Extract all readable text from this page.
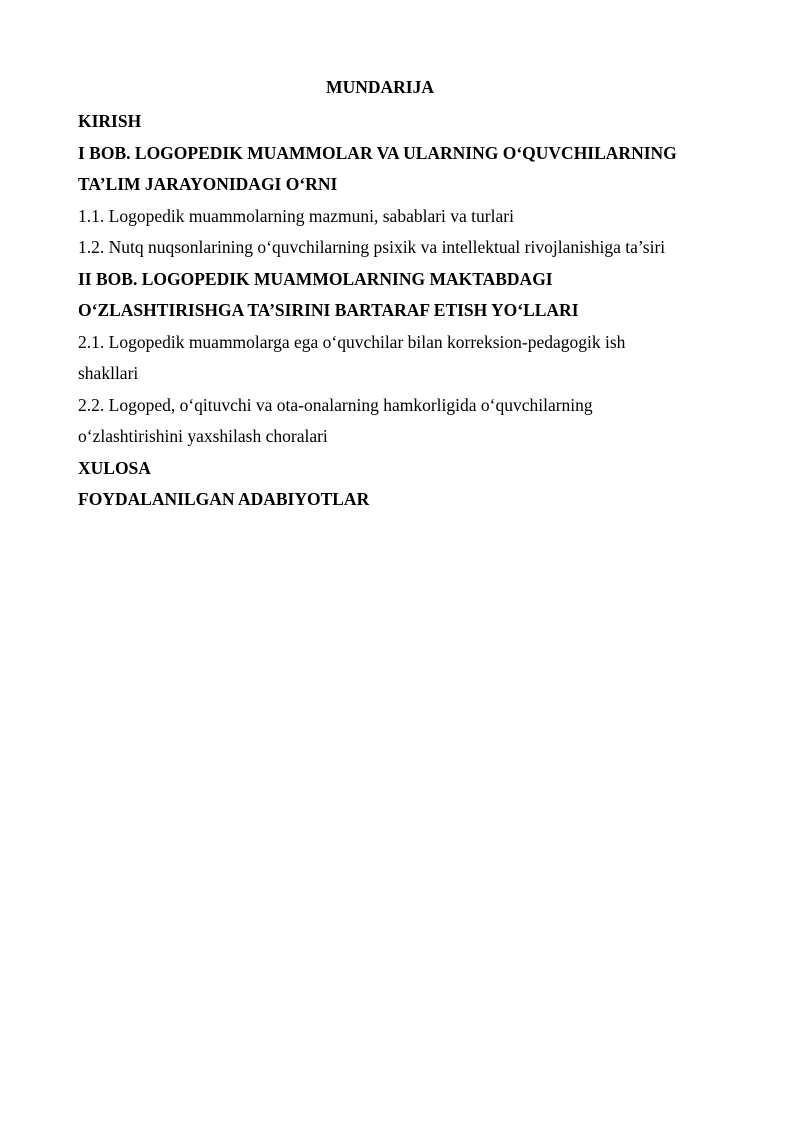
MUNDARIJA

KIRISH

I BOB. LOGOPEDIK MUAMMOLAR VA ULARNING O‘QUVCHILARNING

TA’LIM JARAYONIDAGI O‘RNI

1.1. Logopedik muammolarning mazmuni, sabablari va turlari

1.2. Nutq nuqsonlarining o‘quvchilarning psixik va intellektual rivojlanishiga ta’siri

II BOB. LOGOPEDIK MUAMMOLARNING MAKTABDAGI

O‘ZLASHTIRISHGA TA’SIRINI BARTARAF ETISH YO‘LLARI

2.1. Logopedik muammolarga ega o‘quvchilar bilan korreksion-pedagogik ish

shakllari

2.2. Logoped, o‘qituvchi va ota-onalarning hamkorligida o‘quvchilarning

o‘zlashtirishini yaxshilash choralari

XULOSA

FOYDALANILGAN ADABIYOTLAR
